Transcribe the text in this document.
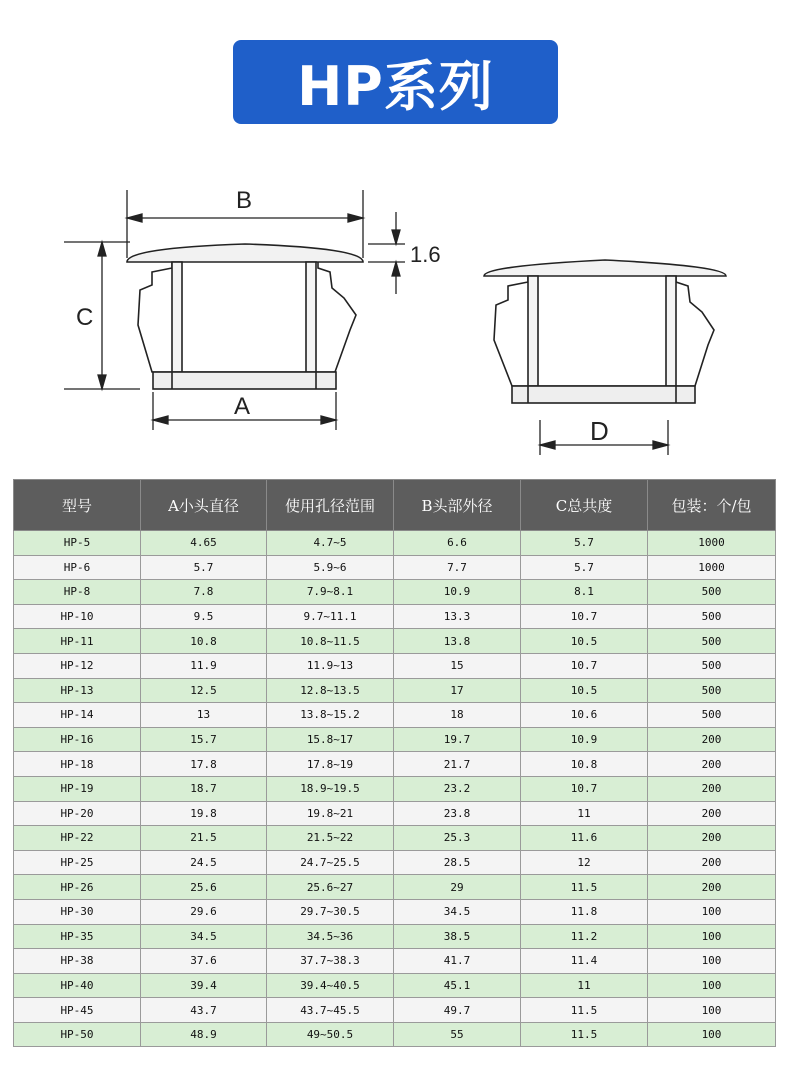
HP系列
B
1.6
C
A
D
型号	A小头直径	使用孔径范围	B头部外径	C总共度	包装：个/包
HP-5	4.65	4.7~5	6.6	5.7	1000
HP-6	5.7	5.9~6	7.7	5.7	1000
HP-8	7.8	7.9~8.1	10.9	8.1	500
HP-10	9.5	9.7~11.1	13.3	10.7	500
HP-11	10.8	10.8~11.5	13.8	10.5	500
HP-12	11.9	11.9~13	15	10.7	500
HP-13	12.5	12.8~13.5	17	10.5	500
HP-14	13	13.8~15.2	18	10.6	500
HP-16	15.7	15.8~17	19.7	10.9	200
HP-18	17.8	17.8~19	21.7	10.8	200
HP-19	18.7	18.9~19.5	23.2	10.7	200
HP-20	19.8	19.8~21	23.8	11	200
HP-22	21.5	21.5~22	25.3	11.6	200
HP-25	24.5	24.7~25.5	28.5	12	200
HP-26	25.6	25.6~27	29	11.5	200
HP-30	29.6	29.7~30.5	34.5	11.8	100
HP-35	34.5	34.5~36	38.5	11.2	100
HP-38	37.6	37.7~38.3	41.7	11.4	100
HP-40	39.4	39.4~40.5	45.1	11	100
HP-45	43.7	43.7~45.5	49.7	11.5	100
HP-50	48.9	49~50.5	55	11.5	100
